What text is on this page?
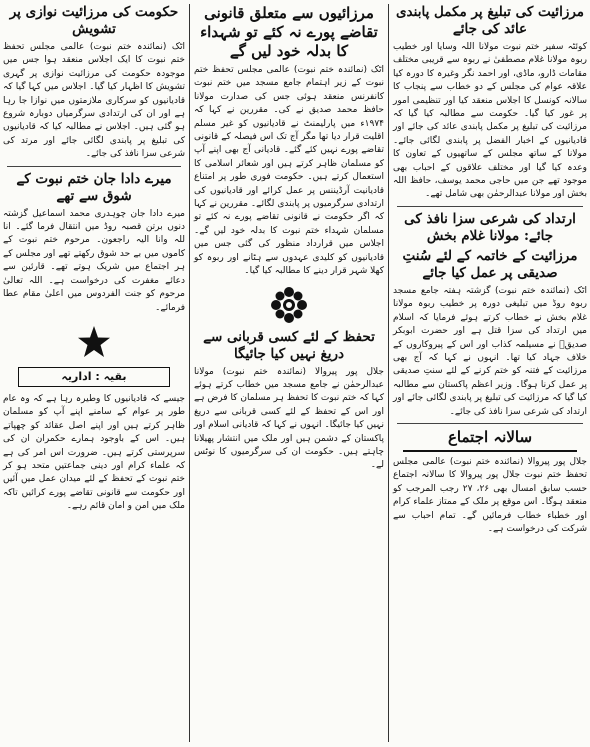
مرزائیت کی تبلیغ پر مکمل پابندی عائد کی جائے

کوئٹہ سفیر ختم نبوت مولانا اللہ وسایا اور خطیب ربوہ مولانا غلام مصطفیٰ نے ربوہ سے قریبی مختلف مقامات ڈارو، ماڈی، اور احمد نگر وغیرہ کا دورہ کیا علاقہ عوام کی مجلس کے دو خطاب سے پنجاب کا سالانہ کونسل کا اجلاس منعقد کیا اور تنظیمی امور پر غور کیا گیا۔ حکومت سے مطالبہ کیا گیا کہ مرزائیت کی تبلیغ پر مکمل پابندی عائد کی جائے اور قادیانیوں کے اخبار الفضل پر پابندی لگائی جائے۔ مولانا کے ساتھ مجلس کے ساتھیوں کے تعاون کا وعدہ کیا گیا اور مختلف علاقوں کے احباب بھی موجود تھے جن میں حاجی محمد یوسف، حافظ اللہ بخش اور مولانا عبدالرحمٰن بھی شامل تھے۔

ارتداد کی شرعی سزا نافذ کی جائے: مولانا غلام بخش
مرزائیت کے خاتمہ کے لئے سُنتِ صدیقی پر عمل کیا جائے

اٹک (نمائندہ ختم نبوت) گزشتہ ہفتہ جامع مسجد ربوہ روڈ میں تبلیغی دورہ پر خطیب ربوہ مولانا غلام بخش نے خطاب کرتے ہوئے فرمایا کہ اسلام میں ارتداد کی سزا قتل ہے اور حضرت ابوبکر صدیقؓ نے مسیلمہ کذاب اور اس کے پیروکاروں کے خلاف جہاد کیا تھا۔ انہوں نے کہا کہ آج بھی مرزائیت کے فتنہ کو ختم کرنے کے لئے سنتِ صدیقی پر عمل کرنا ہوگا۔ وزیر اعظم پاکستان سے مطالبہ کیا گیا کہ مرزائیت کی تبلیغ پر پابندی لگائی جائے اور ارتداد کی شرعی سزا نافذ کی جائے۔

سالانہ اجتماع

جلال پور پیروالا (نمائندہ ختم نبوت) عالمی مجلس تحفظ ختم نبوت جلال پور پیروالا کا سالانہ اجتماع حسب سابق امسال بھی ۲۶، ۲۷ رجب المرجب کو منعقد ہوگا۔ اس موقع پر ملک کے ممتاز علماء کرام اور خطباء خطاب فرمائیں گے۔ تمام احباب سے شرکت کی درخواست ہے۔

مرزائیوں سے متعلق قانونی تقاضے پورے نہ کئے تو شہداء کا بدلہ خود لیں گے

اٹک (نمائندہ ختم نبوت) عالمی مجلس تحفظ ختم نبوت کے زیر اہتمام جامع مسجد میں ختم نبوت کانفرنس منعقد ہوئی جس کی صدارت مولانا حافظ محمد صدیق نے کی۔ مقررین نے کہا کہ ۱۹۷۴ء میں پارلیمنٹ نے قادیانیوں کو غیر مسلم اقلیت قرار دیا تھا مگر آج تک اس فیصلہ کے قانونی تقاضے پورے نہیں کئے گئے۔ قادیانی آج بھی اپنے آپ کو مسلمان ظاہر کرتے ہیں اور شعائر اسلامی کا استعمال کرتے ہیں۔ حکومت فوری طور پر امتناع قادیانیت آرڈیننس پر عمل کرائے اور قادیانیوں کی ارتدادی سرگرمیوں پر پابندی لگائے۔ مقررین نے کہا کہ اگر حکومت نے قانونی تقاضے پورے نہ کئے تو مسلمان شہداء ختم نبوت کا بدلہ خود لیں گے۔ اجلاس میں قرارداد منظور کی گئی جس میں قادیانیوں کو کلیدی عہدوں سے ہٹانے اور ربوہ کو کھلا شہر قرار دینے کا مطالبہ کیا گیا۔

تحفظ کے لئے کسی قربانی سے دریغ نہیں کیا جائیگا

جلال پور پیروالا (نمائندہ ختم نبوت) مولانا عبدالرحمٰن نے جامع مسجد میں خطاب کرتے ہوئے کہا کہ ختم نبوت کا تحفظ ہر مسلمان کا فرض ہے اور اس کے تحفظ کے لئے کسی قربانی سے دریغ نہیں کیا جائیگا۔ انہوں نے کہا کہ قادیانی اسلام اور پاکستان کے دشمن ہیں اور ملک میں انتشار پھیلانا چاہتے ہیں۔ حکومت ان کی سرگرمیوں کا نوٹس لے۔

حکومت کی مرزائیت نوازی پر تشویش

اٹک (نمائندہ ختم نبوت) عالمی مجلس تحفظ ختم نبوت کا ایک اجلاس منعقد ہوا جس میں موجودہ حکومت کی مرزائیت نوازی پر گہری تشویش کا اظہار کیا گیا۔ اجلاس میں کہا گیا کہ قادیانیوں کو سرکاری ملازمتوں میں نوازا جا رہا ہے اور ان کی ارتدادی سرگرمیاں دوبارہ شروع ہو گئی ہیں۔ اجلاس نے مطالبہ کیا کہ قادیانیوں کی تبلیغ پر پابندی لگائی جائے اور مرتد کی شرعی سزا نافذ کی جائے۔

میرے دادا جان ختم نبوت کے شوق سے تھے

میرے دادا جان چوہدری محمد اسماعیل گزشتہ دنوں برتن قصبہ روڈ میں انتقال فرما گئے۔ انا للہ وانا الیہ راجعون۔ مرحوم ختم نبوت کے کاموں میں بے حد شوق رکھتے تھے اور مجلس کے ہر اجتماع میں شریک ہوتے تھے۔ قارئین سے دعائے مغفرت کی درخواست ہے۔ اللہ تعالیٰ مرحوم کو جنت الفردوس میں اعلیٰ مقام عطا فرمائے۔

بقیہ : اداریہ

جیسے کہ قادیانیوں کا وطیرہ رہا ہے کہ وہ عام طور پر عوام کے سامنے اپنے آپ کو مسلمان ظاہر کرتے ہیں اور اپنے اصل عقائد کو چھپاتے ہیں۔ اس کے باوجود ہمارے حکمران ان کی سرپرستی کرتے ہیں۔ ضرورت اس امر کی ہے کہ علماء کرام اور دینی جماعتیں متحد ہو کر ختم نبوت کے تحفظ کے لئے میدان عمل میں آئیں اور حکومت سے قانونی تقاضے پورے کرائیں تاکہ ملک میں امن و امان قائم رہے۔
